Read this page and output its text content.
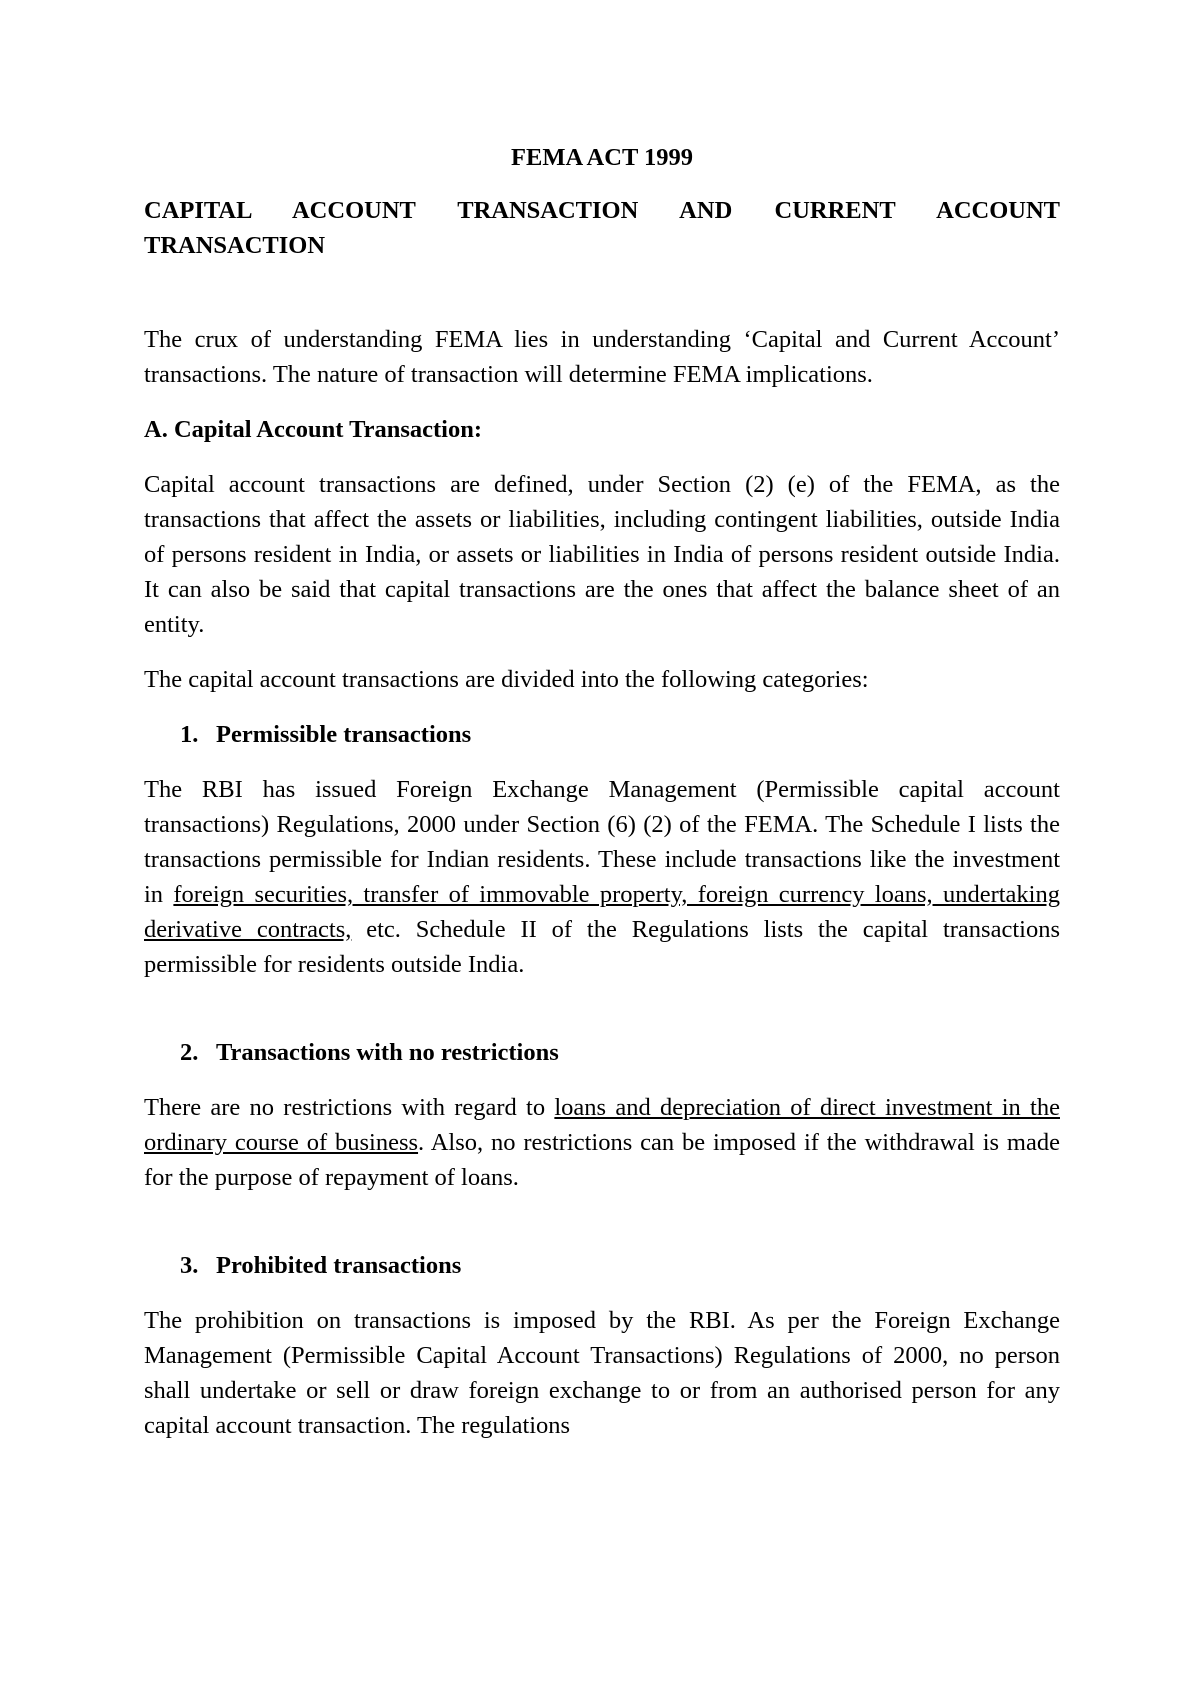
FEMA ACT 1999

CAPITAL ACCOUNT TRANSACTION AND CURRENT ACCOUNT TRANSACTION

The crux of understanding FEMA lies in understanding ‘Capital and Current Account’ transactions. The nature of transaction will determine FEMA implications.

A. Capital Account Transaction:

Capital account transactions are defined, under Section (2) (e) of the FEMA, as the transactions that affect the assets or liabilities, including contingent liabilities, outside India of persons resident in India, or assets or liabilities in India of persons resident outside India. It can also be said that capital transactions are the ones that affect the balance sheet of an entity.

The capital account transactions are divided into the following categories:

1. Permissible transactions

The RBI has issued Foreign Exchange Management (Permissible capital account transactions) Regulations, 2000 under Section (6) (2) of the FEMA. The Schedule I lists the transactions permissible for Indian residents. These include transactions like the investment in foreign securities, transfer of immovable property, foreign currency loans, undertaking derivative contracts, etc. Schedule II of the Regulations lists the capital transactions permissible for residents outside India.

2. Transactions with no restrictions

There are no restrictions with regard to loans and depreciation of direct investment in the ordinary course of business. Also, no restrictions can be imposed if the withdrawal is made for the purpose of repayment of loans.

3. Prohibited transactions

The prohibition on transactions is imposed by the RBI. As per the Foreign Exchange Management (Permissible Capital Account Transactions) Regulations of 2000, no person shall undertake or sell or draw foreign exchange to or from an authorised person for any capital account transaction. The regulations
